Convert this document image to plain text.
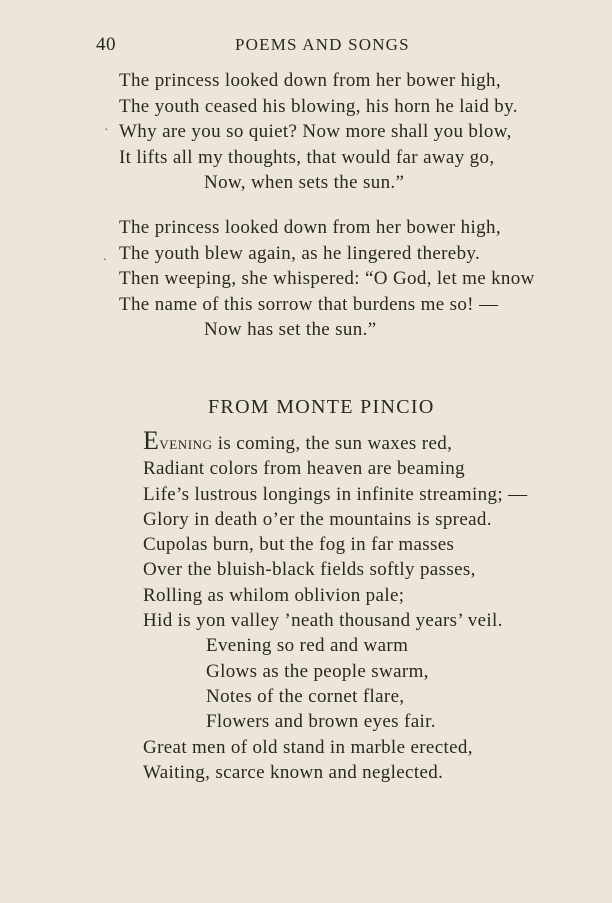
40	POEMS AND SONGS
·
.
The princess looked down from her bower high,
The youth ceased his blowing, his horn he laid by.
Why are you so quiet? Now more shall you blow,
It lifts all my thoughts, that would far away go,
Now, when sets the sun.”
The princess looked down from her bower high,
The youth blew again, as he lingered thereby.
Then weeping, she whispered: “O God, let me know
The name of this sorrow that burdens me so! —
Now has set the sun.”
FROM MONTE PINCIO
Evening is coming, the sun waxes red,
Radiant colors from heaven are beaming
Life’s lustrous longings in infinite streaming; —
Glory in death o’er the mountains is spread.
Cupolas burn, but the fog in far masses
Over the bluish-black fields softly passes,
Rolling as whilom oblivion pale;
Hid is yon valley ’neath thousand years’ veil.
Evening so red and warm
Glows as the people swarm,
Notes of the cornet flare,
Flowers and brown eyes fair.
Great men of old stand in marble erected,
Waiting, scarce known and neglected.
